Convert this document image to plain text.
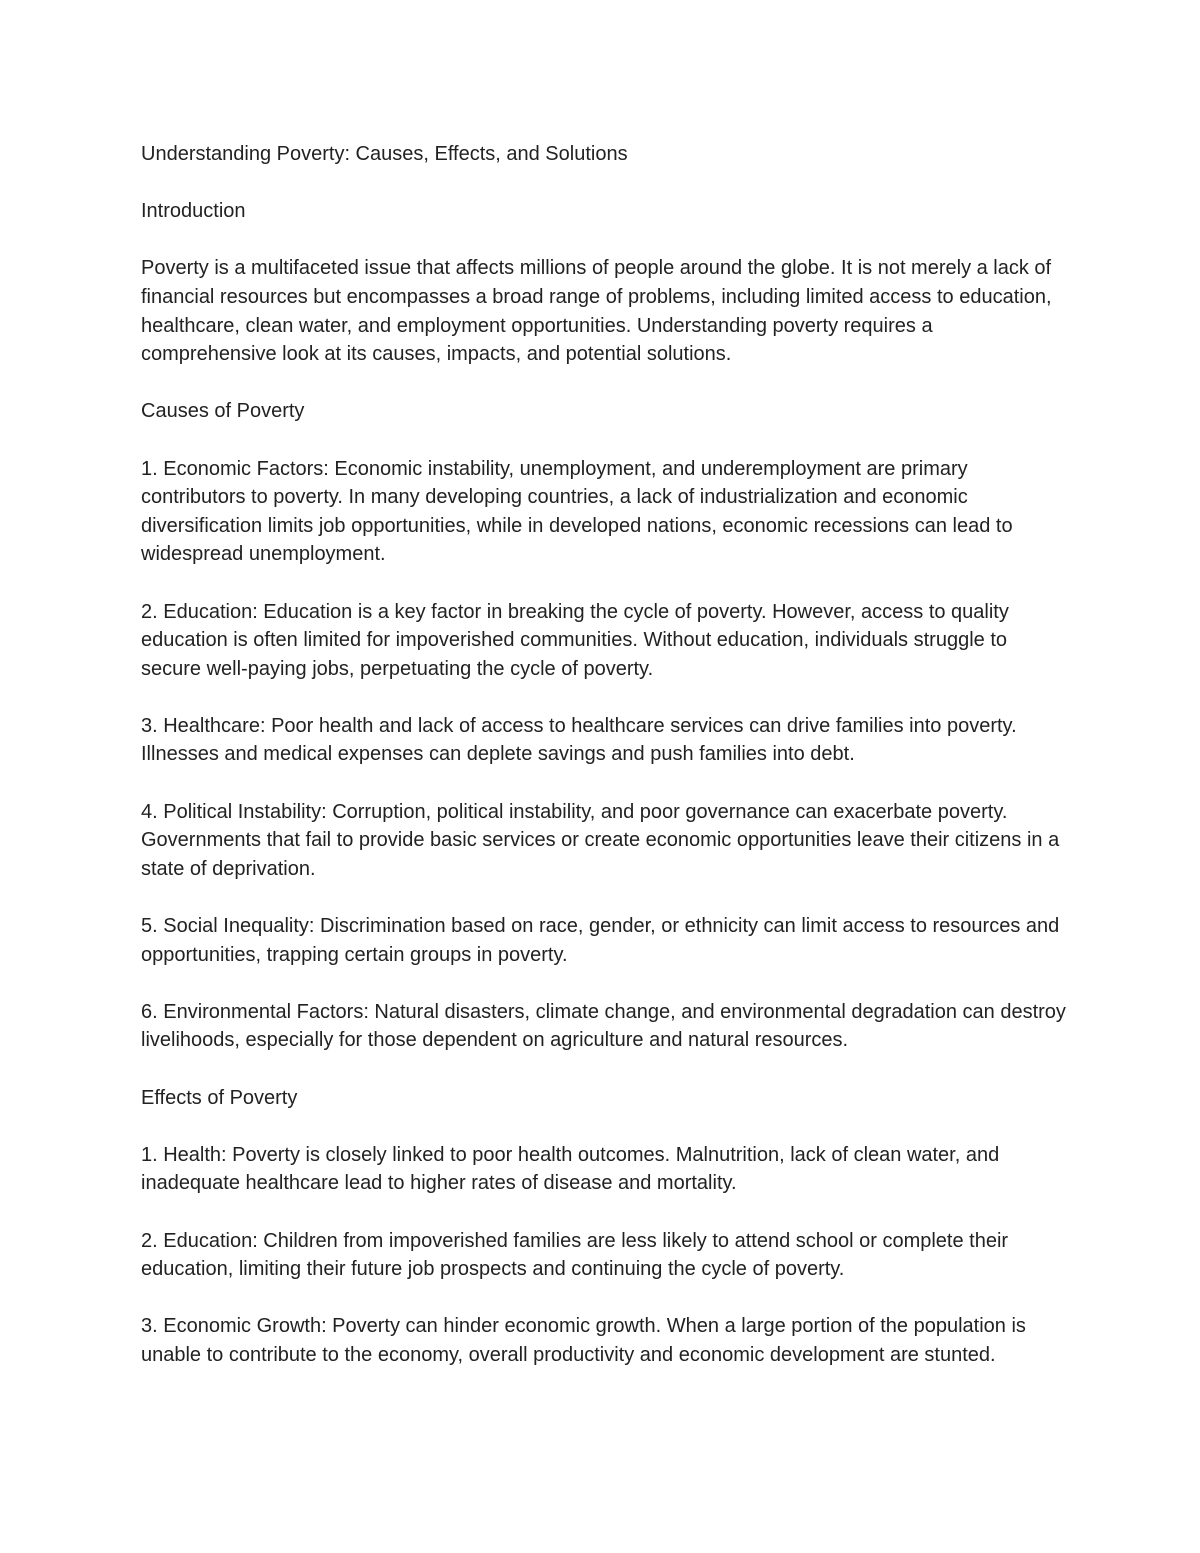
Understanding Poverty: Causes, Effects, and Solutions

Introduction

Poverty is a multifaceted issue that affects millions of people around the globe. It is not merely a lack of financial resources but encompasses a broad range of problems, including limited access to education, healthcare, clean water, and employment opportunities. Understanding poverty requires a comprehensive look at its causes, impacts, and potential solutions.

Causes of Poverty

1. Economic Factors: Economic instability, unemployment, and underemployment are primary contributors to poverty. In many developing countries, a lack of industrialization and economic diversification limits job opportunities, while in developed nations, economic recessions can lead to widespread unemployment.

2. Education: Education is a key factor in breaking the cycle of poverty. However, access to quality education is often limited for impoverished communities. Without education, individuals struggle to secure well-paying jobs, perpetuating the cycle of poverty.

3. Healthcare: Poor health and lack of access to healthcare services can drive families into poverty. Illnesses and medical expenses can deplete savings and push families into debt.

4. Political Instability: Corruption, political instability, and poor governance can exacerbate poverty. Governments that fail to provide basic services or create economic opportunities leave their citizens in a state of deprivation.

5. Social Inequality: Discrimination based on race, gender, or ethnicity can limit access to resources and opportunities, trapping certain groups in poverty.

6. Environmental Factors: Natural disasters, climate change, and environmental degradation can destroy livelihoods, especially for those dependent on agriculture and natural resources.

Effects of Poverty

1. Health: Poverty is closely linked to poor health outcomes. Malnutrition, lack of clean water, and inadequate healthcare lead to higher rates of disease and mortality.

2. Education: Children from impoverished families are less likely to attend school or complete their education, limiting their future job prospects and continuing the cycle of poverty.

3. Economic Growth: Poverty can hinder economic growth. When a large portion of the population is unable to contribute to the economy, overall productivity and economic development are stunted.
